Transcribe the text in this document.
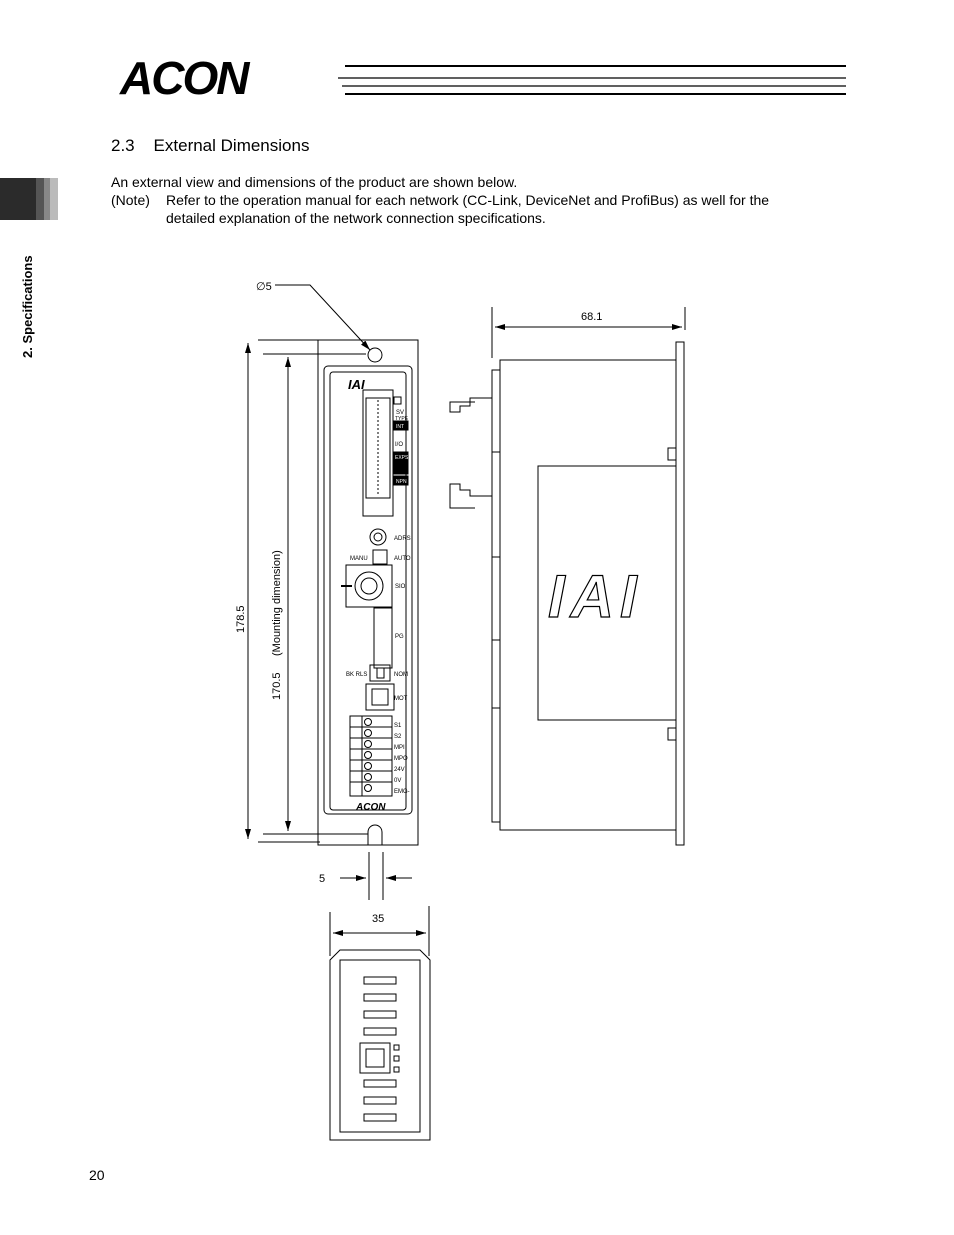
ACON
2. Specifications
2.3 External Dimensions
An external view and dimensions of the product are shown below.
(Note) Refer to the operation manual for each network (CC-Link, DeviceNet and ProfiBus) as well for the
detailed explanation of the network connection specifications.
IAI
SV
TYPE
INT
I/O
EXPS
NPN
ADRS
MANU	AUTO
SIO
PG
BK RLS	NOM
MOT
S1
S2
MPI
MPO
24V
0V
EMG-
ACON
IAI
∅5
68.1
178.5
170.5
(Mounting dimension)
5
35
20
